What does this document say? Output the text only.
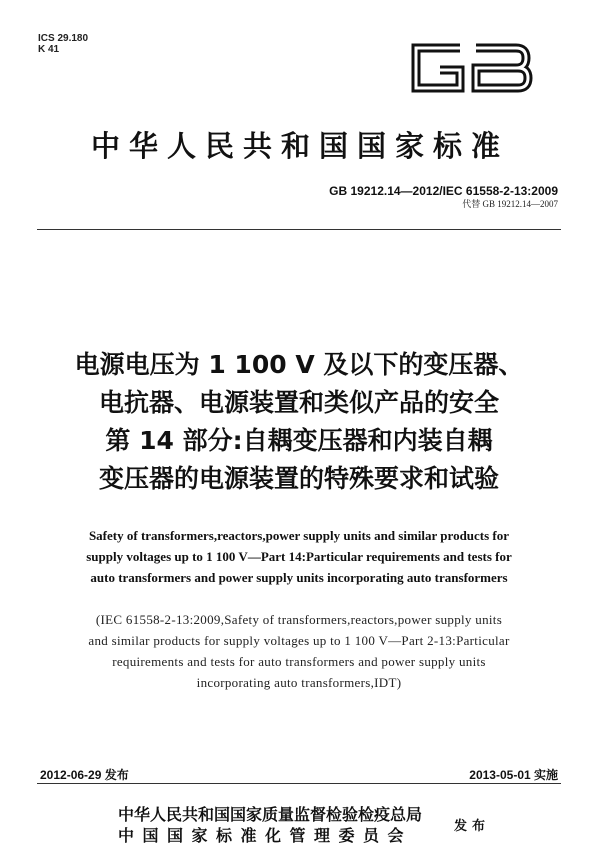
ICS 29.180
K 41
中华人民共和国国家标准
GB 19212.14—2012/IEC 61558-2-13:2009
代替 GB 19212.14—2007
电源电压为 1 100 V 及以下的变压器、
电抗器、电源装置和类似产品的安全
第 14 部分:自耦变压器和内装自耦
变压器的电源装置的特殊要求和试验
Safety of transformers,reactors,power supply units and similar products for
supply voltages up to 1 100 V—Part 14:Particular requirements and tests for
auto transformers and power supply units incorporating auto transformers
(IEC 61558-2-13:2009,Safety of transformers,reactors,power supply units
and similar products for supply voltages up to 1 100 V—Part 2-13:Particular
requirements and tests for auto transformers and power supply units
incorporating auto transformers,IDT)
2012-06-29 发布	2013-05-01 实施
中华人民共和国国家质量监督检验检疫总局
中国国家标准化管理委员会	发布
